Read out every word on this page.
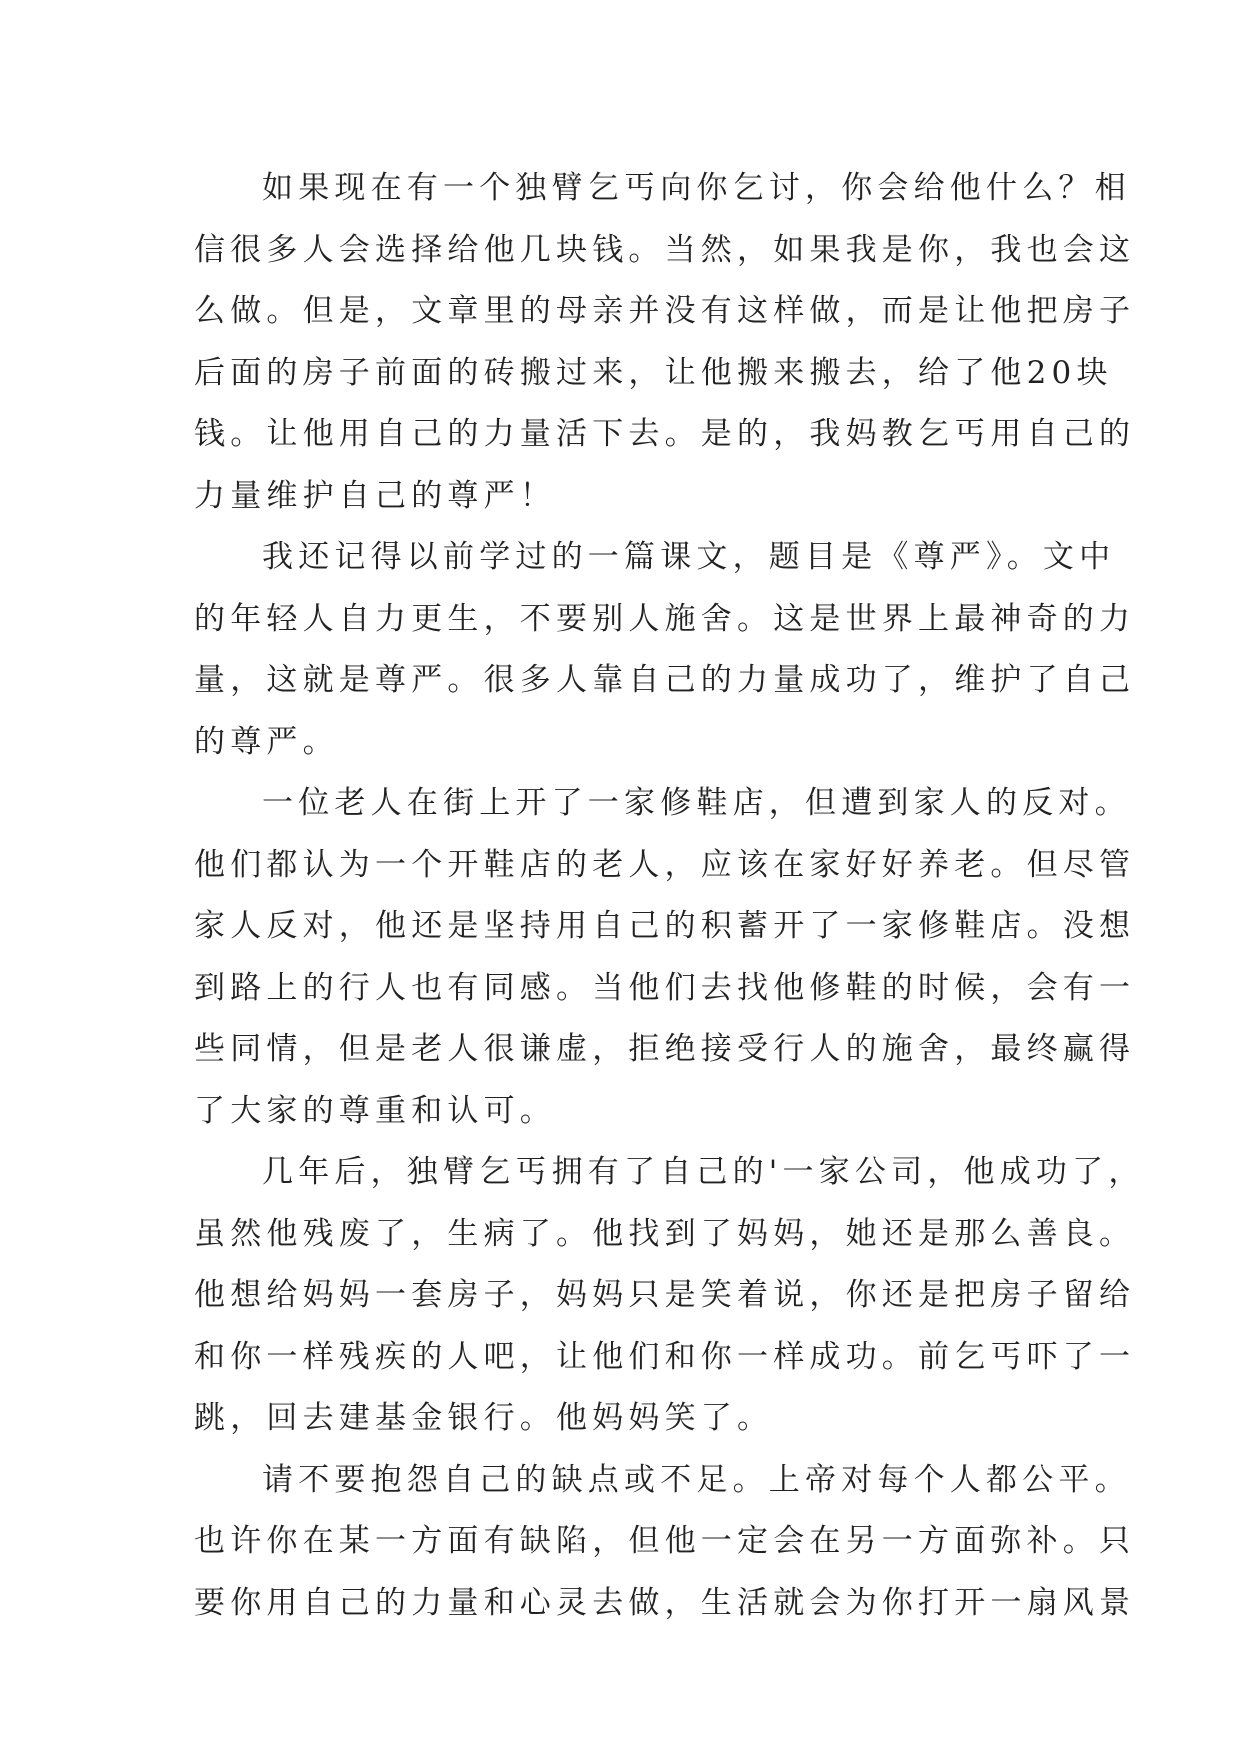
如果现在有一个独臂乞丐向你乞讨，你会给他什么？相
信很多人会选择给他几块钱。当然，如果我是你，我也会这
么做。但是，文章里的母亲并没有这样做，而是让他把房子
后面的房子前面的砖搬过来，让他搬来搬去，给了他20块
钱。让他用自己的力量活下去。是的，我妈教乞丐用自己的
力量维护自己的尊严！

我还记得以前学过的一篇课文，题目是《尊严》。文中
的年轻人自力更生，不要别人施舍。这是世界上最神奇的力
量，这就是尊严。很多人靠自己的力量成功了，维护了自己
的尊严。

一位老人在街上开了一家修鞋店，但遭到家人的反对。
他们都认为一个开鞋店的老人，应该在家好好养老。但尽管
家人反对，他还是坚持用自己的积蓄开了一家修鞋店。没想
到路上的行人也有同感。当他们去找他修鞋的时候，会有一
些同情，但是老人很谦虚，拒绝接受行人的施舍，最终赢得
了大家的尊重和认可。

几年后，独臂乞丐拥有了自己的'一家公司，他成功了，
虽然他残废了，生病了。他找到了妈妈，她还是那么善良。
他想给妈妈一套房子，妈妈只是笑着说，你还是把房子留给
和你一样残疾的人吧，让他们和你一样成功。前乞丐吓了一
跳，回去建基金银行。他妈妈笑了。

请不要抱怨自己的缺点或不足。上帝对每个人都公平。
也许你在某一方面有缺陷，但他一定会在另一方面弥补。只
要你用自己的力量和心灵去做，生活就会为你打开一扇风景
